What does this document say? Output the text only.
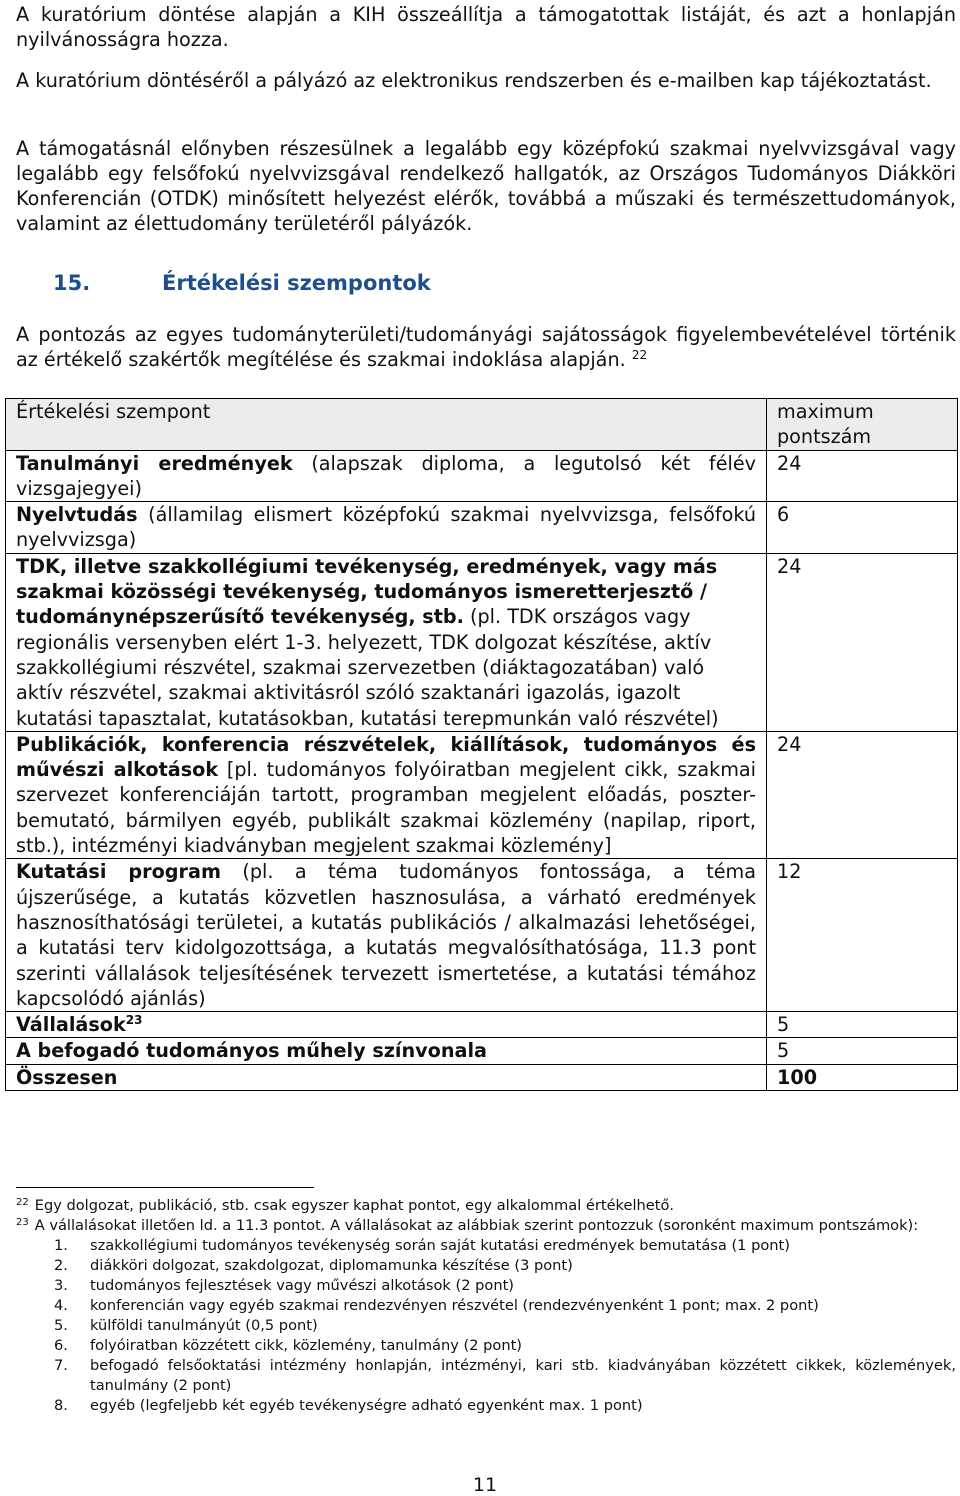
A kuratórium döntése alapján a KIH összeállítja a támogatottak listáját, és azt a honlapján nyilvánosságra hozza.

A kuratórium döntéséről a pályázó az elektronikus rendszerben és e-mailben kap tájékoztatást.

A támogatásnál előnyben részesülnek a legalább egy középfokú szakmai nyelvvizsgával vagy legalább egy felsőfokú nyelvvizsgával rendelkező hallgatók, az Országos Tudományos Diákköri Konferencián (OTDK) minősített helyezést elérők, továbbá a műszaki és természettudományok, valamint az élettudomány területéről pályázók.

15.	Értékelési szempontok

A pontozás az egyes tudományterületi/tudományági sajátosságok figyelembevételével történik az értékelő szakértők megítélése és szakmai indoklása alapján. $^{22}$

Értékelési szempont	maximum pontszám
Tanulmányi eredmények (alapszak diploma, a legutolsó két félév vizsgajegyei)	24
Nyelvtudás (államilag elismert középfokú szakmai nyelvvizsga, felsőfokú nyelvvizsga)	6
TDK, illetve szakkollégiumi tevékenység, eredmények, vagy más szakmai közösségi tevékenység, tudományos ismeretterjesztő / tudománynépszerűsítő tevékenység, stb. (pl. TDK országos vagy regionális versenyben elért 1-3. helyezett, TDK dolgozat készítése, aktív szakkollégiumi részvétel, szakmai szervezetben (diáktagozatában) való aktív részvétel, szakmai aktivitásról szóló szaktanári igazolás, igazolt kutatási tapasztalat, kutatásokban, kutatási terepmunkán való részvétel)	24
Publikációk, konferencia részvételek, kiállítások, tudományos és művészi alkotások [pl. tudományos folyóiratban megjelent cikk, szakmai szervezet konferenciáján tartott, programban megjelent előadás, poszter-bemutató, bármilyen egyéb, publikált szakmai közlemény (napilap, riport, stb.), intézményi kiadványban megjelent szakmai közlemény]	24
Kutatási program (pl. a téma tudományos fontossága, a téma újszerűsége, a kutatás közvetlen hasznosulása, a várható eredmények hasznosíthatósági területei, a kutatás publikációs / alkalmazási lehetőségei, a kutatási terv kidolgozottsága, a kutatás megvalósíthatósága, 11.3 pont szerinti vállalások teljesítésének tervezett ismertetése, a kutatási témához kapcsolódó ajánlás)	12
Vállalások$^{23}$	5
A befogadó tudományos műhely színvonala	5
Összesen	100

$^{22}$ Egy dolgozat, publikáció, stb. csak egyszer kaphat pontot, egy alkalommal értékelhető.

$^{23}$ A vállalásokat illetően ld. a 11.3 pontot. A vállalásokat az alábbiak szerint pontozzuk (soronként maximum pontszámok):

1. szakkollégiumi tudományos tevékenység során saját kutatási eredmények bemutatása (1 pont)
2. diákköri dolgozat, szakdolgozat, diplomamunka készítése (3 pont)
3. tudományos fejlesztések vagy művészi alkotások (2 pont)
4. konferencián vagy egyéb szakmai rendezvényen részvétel (rendezvényenként 1 pont; max. 2 pont)
5. külföldi tanulmányút (0,5 pont)
6. folyóiratban közzétett cikk, közlemény, tanulmány (2 pont)
7. befogadó felsőoktatási intézmény honlapján, intézményi, kari stb. kiadványában közzétett cikkek, közlemények, tanulmány (2 pont)
8. egyéb (legfeljebb két egyéb tevékenységre adható egyenként max. 1 pont)
11
